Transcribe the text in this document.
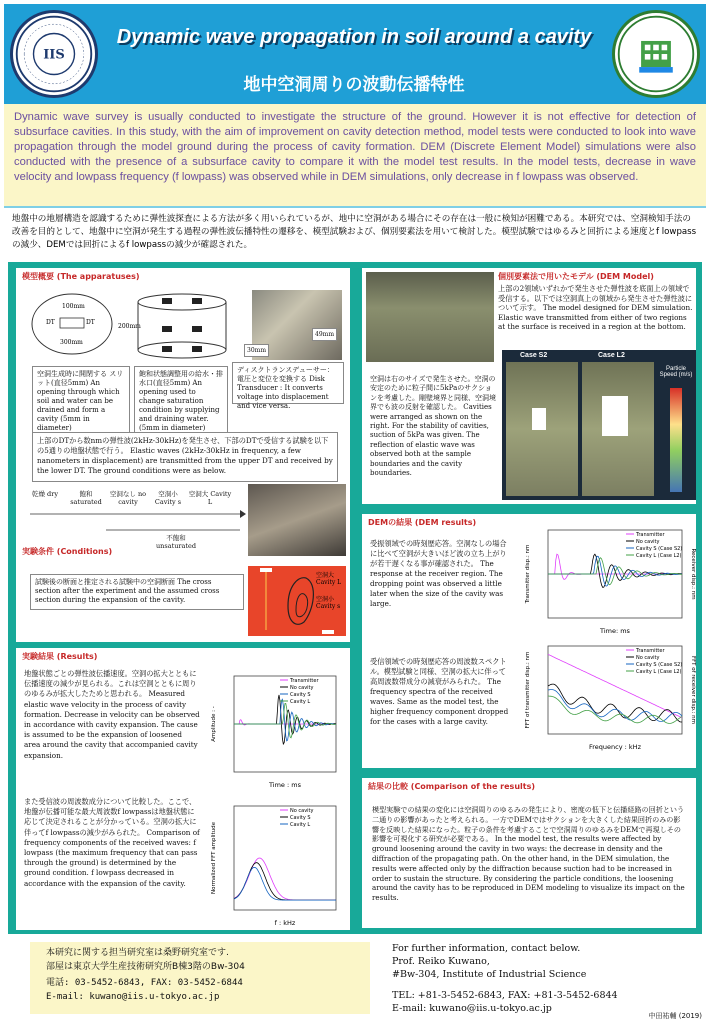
IIS
Dynamic wave propagation in soil around a cavity
地中空洞周りの波動伝播特性
Dynamic wave survey is usually conducted to investigate the structure of the ground. However it is not effective for detection of subsurface cavities. In this study, with the aim of improvement on cavity detection method, model tests were conducted to look into wave propagation through the model ground during the process of cavity formation. DEM (Discrete Element Model) simulations were also conducted with the presence of a subsurface cavity to compare it with the model test results. In the model tests, decrease in wave velocity and lowpass frequency (f lowpass) was observed while in DEM simulations, only decrease in f lowpass was observed.
地盤中の地層構造を認識するために弾性波探査による方法が多く用いられているが、地中に空洞がある場合にその存在は一般に検知が困難である。本研究では、空洞検知手法の改善を目的として、地盤中に空洞が発生する過程の弾性波伝播特性の遷移を、模型試験および、個別要素法を用いて検討した。模型試験ではゆるみと回折による速度とf lowpassの減少、DEMでは回折によるf lowpassの減少が確認された。
模型概要 (The apparatuses)
DT	DT
100mm
300mm
200mm
30mm
49mm
空洞生成時に開閉する スリット(直径5mm) An opening through which soil and water can be drained and form a cavity (5mm in diameter)
飽和状態調整用の給水・排水口(直径5mm) An opening used to change saturation condition by supplying and draining water. (5mm in diameter)
ディスクトランスデューサー：電圧と変位を変換する Disk Transducer : It converts voltage into displacement and vice versa.
上部のDTから数nmの弾性波(2kHz-30kHz)を発生させ、下部のDTで受信する試験を以下の5通りの地盤状態で行う。 Elastic waves (2kHz-30kHz in frequency, a few nanometers in displacement) are transmitted from the upper DT and received by the lower DT. The ground conditions were as below.
乾燥 dry	飽和 saturated
空洞なし no cavity
空洞小 Cavity s
空洞大 Cavity L
不飽和 unsaturated
実験条件 (Conditions)
試験後の断面と推定される試験中の空洞断面 The cross section after the experiment and the assumed cross section during the expansion of the cavity.
空洞大 Cavity L
空洞小 Cavity s
個別要素法で用いたモデル (DEM Model)
上部の2領域いずれかで発生させた弾性波を底面上の領域で受信する。以下では空洞真上の領域から発生させた弾性波について示す。 The model designed for DEM simulation. Elastic wave transmitted from either of two regions at the surface is received in a region at the bottom.
空洞は右のサイズで発生させた。空洞の安定のために粒子間に5kPaのサクションを考慮した。剛壁境界と同様、空洞境界でも波の反射を確認した。 Cavities were arranged as shown on the right. For the stability of cavities, suction of 5kPa was given. The reflection of elastic wave was observed both at the sample boundaries and the cavity boundaries.
Case S2	Case L2
Particle Speed (m/s)
DEMの結果 (DEM results)
受振領域での時刻歴応答。空洞なしの場合に比べて空洞が大きいほど波の立ち上がりが若干遅くなる事が確認された。 The response at the receiver region. The dropping point was observed a little later when the size of the cavity was large.
Time: ms
Transmitter disp.: nm	Receiver disp.: nm
Transmitter
No cavity
Cavity S (Case S2)
Cavity L (Case L2)
受信領域での時刻歴応答の周波数スペクトル。模型試験と同様、空洞の拡大に伴って高周波数帯成分の減衰がみられた。 The frequency spectra of the received waves. Same as the model test, the higher frequency component dropped for the cases with a large cavity.
Frequency : kHz
FFT of transmitter disp.: nm	FFT of receiver disp.: nm
Transmitter
No cavity
Cavity S (Case S2)
Cavity L (Case L2)
実験結果 (Results)
地盤状態ごとの弾性波伝播速度。空洞の拡大とともに伝播速度の減少が見られる。これは空洞とともに周りのゆるみが拡大したためと思われる。 Measured elastic wave velocity in the process of cavity formation. Decrease in velocity can be observed in accordance with cavity expansion. The cause is assumed to be the expansion of loosened area around the cavity that accompanied cavity expansion.
Time : ms
Amplitude : -
Transmitter
No cavity
Cavity S
Cavity L
また受信波の周波数成分について比較した。ここで、地盤が伝播可能な最大周波数f lowpassは地盤状態に応じて決定されることが分かっている。空洞の拡大に伴ってf lowpassの減少がみられた。 Comparison of frequency components of the received waves: f lowpass (the maximum frequency that can pass through the ground) is determined by the ground condition. f lowpass decreased in accordance with the expansion of the cavity.
f : kHz
Normalized FFT amplitude
No cavity
Cavity S
Cavity L
結果の比較 (Comparison of the results)
模型実験での結果の変化には空洞周りのゆるみの発生により、密度の低下と伝播経路の回折という二通りの影響があったと考えられる。一方でDEMではサクションを大きくした結果回折のみの影響を反映した結果になった。粒子の条件を考慮することで空洞周りのゆるみをDEMで再現しその影響を可視化する研究が必要である。 In the model test, the results were affected by ground loosening around the cavity in two ways: the decrease in density and the diffraction of the propagating path. On the other hand, in the DEM simulation, the results were affected only by the diffraction because suction had to be increased in order to sustain the structure. By considering the particle conditions, the loosening around the cavity has to be reproduced in DEM modeling to visualize its impact on the results.
本研究に関する担当研究室は桑野研究室です.
部屋は東京大学生産技術研究所B棟3階のBw-304
電話: 03-5452-6843, FAX: 03-5452-6844
E-mail: kuwano@iis.u-tokyo.ac.jp
For further information, contact below.
Prof. Reiko Kuwano,
#Bw-304, Institute of Industrial Science
TEL: +81-3-5452-6843, FAX: +81-3-5452-6844
E-mail: kuwano@iis.u-tokyo.ac.jp
中田祐輔 (2019)
